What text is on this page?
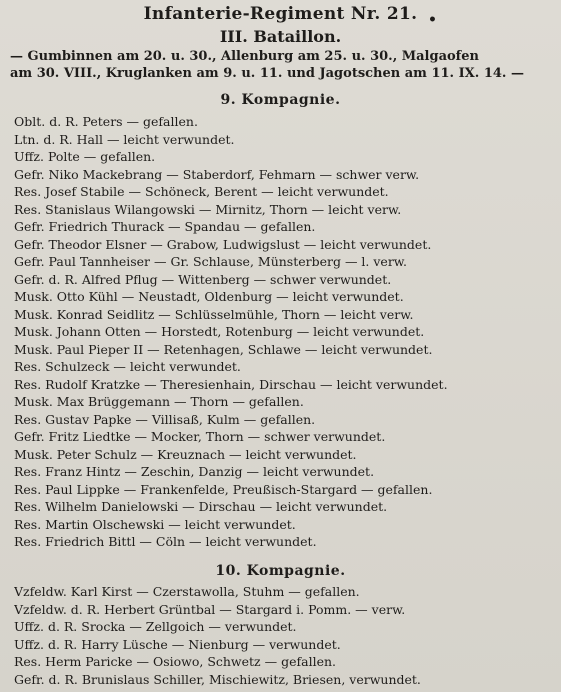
Infanterie-Regiment Nr. 21. •
III. Bataillon.
— Gumbinnen am 20. u. 30., Allenburg am 25. u. 30., Malgaofen
am 30. VIII., Kruglanken am 9. u. 11. und Jagotschen am 11. IX. 14. —
9. Kompagnie.
Oblt. d. R. Peters — gefallen.
Ltn. d. R. Hall — leicht verwundet.
Uffz. Polte — gefallen.
Gefr. Niko Mackebrang — Staberdorf, Fehmarn — schwer verw.
Res. Josef Stabile — Schöneck, Berent — leicht verwundet.
Res. Stanislaus Wilangowski — Mirnitz, Thorn — leicht verw.
Gefr. Friedrich Thurack — Spandau — gefallen.
Gefr. Theodor Elsner — Grabow, Ludwigslust — leicht verwundet.
Gefr. Paul Tannheiser — Gr. Schlause, Münsterberg — l. verw.
Gefr. d. R. Alfred Pflug — Wittenberg — schwer verwundet.
Musk. Otto Kühl — Neustadt, Oldenburg — leicht verwundet.
Musk. Konrad Seidlitz — Schlüsselmühle, Thorn — leicht verw.
Musk. Johann Otten — Horstedt, Rotenburg — leicht verwundet.
Musk. Paul Pieper II — Retenhagen, Schlawe — leicht verwundet.
Res. Schulzeck — leicht verwundet.
Res. Rudolf Kratzke — Theresienhain, Dirschau — leicht verwundet.
Musk. Max Brüggemann — Thorn — gefallen.
Res. Gustav Papke — Villisaß, Kulm — gefallen.
Gefr. Fritz Liedtke — Mocker, Thorn — schwer verwundet.
Musk. Peter Schulz — Kreuznach — leicht verwundet.
Res. Franz Hintz — Zeschin, Danzig — leicht verwundet.
Res. Paul Lippke — Frankenfelde, Preußisch-Stargard — gefallen.
Res. Wilhelm Danielowski — Dirschau — leicht verwundet.
Res. Martin Olschewski — leicht verwundet.
Res. Friedrich Bittl — Cöln — leicht verwundet.
10. Kompagnie.
Vzfeldw. Karl Kirst — Czerstawolla, Stuhm — gefallen.
Vzfeldw. d. R. Herbert Grüntbal — Stargard i. Pomm. — verw.
Uffz. d. R. Srocka — Zellgoich — verwundet.
Uffz. d. R. Harry Lüsche — Nienburg — verwundet.
Res. Herm Paricke — Osiowo, Schwetz — gefallen.
Gefr. d. R. Brunislaus Schiller, Mischiewitz, Briesen, verwundet.
